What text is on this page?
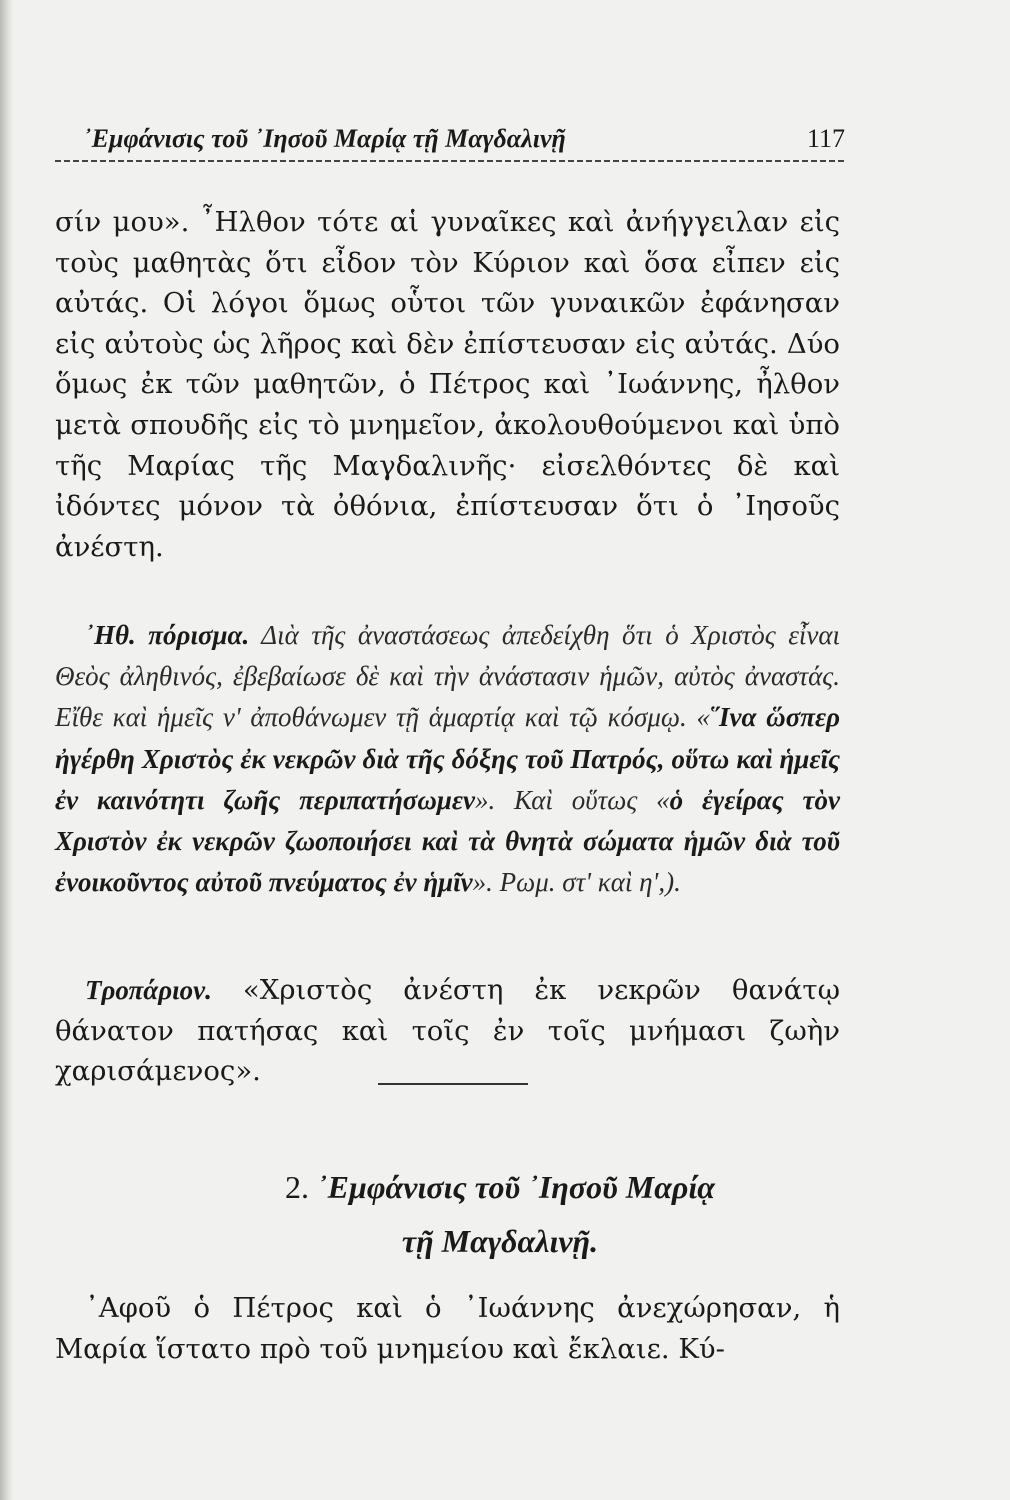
᾿Εμφάνισις τοῦ ᾿Ιησοῦ Μαρίᾳ τῇ Μαγδαλινῇ	117

σίν μου». ῏Ηλθον τότε αἱ γυναῖκες καὶ ἀνήγγειλαν εἰς τοὺς μαθητὰς ὅτι εἶδον τὸν Κύριον καὶ ὅσα εἶπεν εἰς αὐτάς. Οἱ λόγοι ὅμως οὗτοι τῶν γυναικῶν ἐφάνησαν εἰς αὐτοὺς ὡς λῆρος καὶ δὲν ἐπίστευσαν εἰς αὐτάς. Δύο ὅμως ἐκ τῶν μαθητῶν, ὁ Πέτρος καὶ ᾿Ιωάννης, ἦλθον μετὰ σπουδῆς εἰς τὸ μνημεῖον, ἀκολουθούμενοι καὶ ὑπὸ τῆς Μαρίας τῆς Μαγδαλινῆς· εἰσελθόντες δὲ καὶ ἰδόντες μόνον τὰ ὀθόνια, ἐπίστευσαν ὅτι ὁ ᾿Ιησοῦς ἀνέστη.

᾿Ηθ. πόρισμα. Διὰ τῆς ἀναστάσεως ἀπεδείχθη ὅτι ὁ Χριστὸς εἶναι Θεὸς ἀληθινός, ἐβεβαίωσε δὲ καὶ τὴν ἀνάστασιν ἡμῶν, αὐτὸς ἀναστάς. Εἴθε καὶ ἡμεῖς ν' ἀποθάνωμεν τῇ ἁμαρτίᾳ καὶ τῷ κόσμῳ. «῞Ινα ὥσπερ ἠγέρθη Χριστὸς ἐκ νεκρῶν διὰ τῆς δόξης τοῦ Πατρός, οὕτω καὶ ἡμεῖς ἐν καινότητι ζωῆς περιπατήσωμεν». Καὶ οὕτως «ὁ ἐγείρας τὸν Χριστὸν ἐκ νεκρῶν ζωοποιήσει καὶ τὰ θνητὰ σώματα ἡμῶν διὰ τοῦ ἐνοικοῦντος αὐτοῦ πνεύματος ἐν ἡμῖν». Ρωμ. στ' καὶ η',).

Τροπάριον. «Χριστὸς ἀνέστη ἐκ νεκρῶν θανάτῳ θάνατον πατήσας καὶ τοῖς ἐν τοῖς μνήμασι ζωὴν χαρισάμενος».

2. ᾿Εμφάνισις τοῦ ᾿Ιησοῦ Μαρίᾳ
τῇ Μαγδαλινῇ.

᾿Αφοῦ ὁ Πέτρος καὶ ὁ ᾿Ιωάννης ἀνεχώρησαν, ἡ Μαρία ἵστατο πρὸ τοῦ μνημείου καὶ ἔκλαιε. Κύ-
